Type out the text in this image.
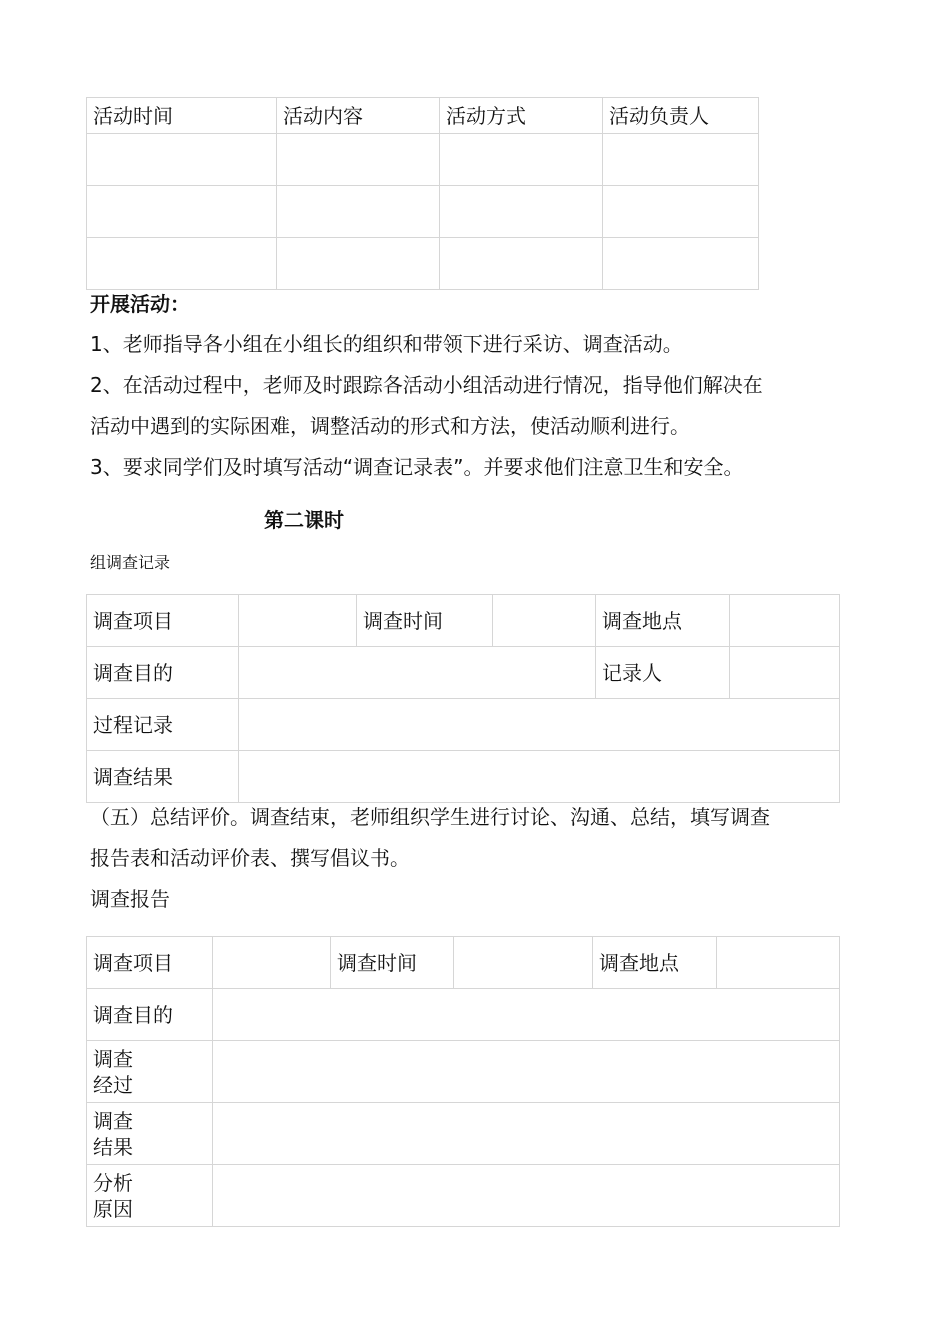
活动时间	活动内容	活动方式	活动负责人

开展活动：
1、老师指导各小组在小组长的组织和带领下进行采访、调查活动。
2、在活动过程中，老师及时跟踪各活动小组活动进行情况，指导他们解决在
活动中遇到的实际困难，调整活动的形式和方法，使活动顺利进行。
3、要求同学们及时填写活动“调查记录表”。并要求他们注意卫生和安全。
第二课时
组调查记录
调查项目		调查时间		调查地点	
调查目的				记录人	
过程记录					
调查结果					
（五）总结评价。调查结束，老师组织学生进行讨论、沟通、总结，填写调查
报告表和活动评价表、撰写倡议书。
调查报告
调查项目		调查时间		调查地点	
调查目的					

调查
经过					

调查
结果					

分析
原因					
